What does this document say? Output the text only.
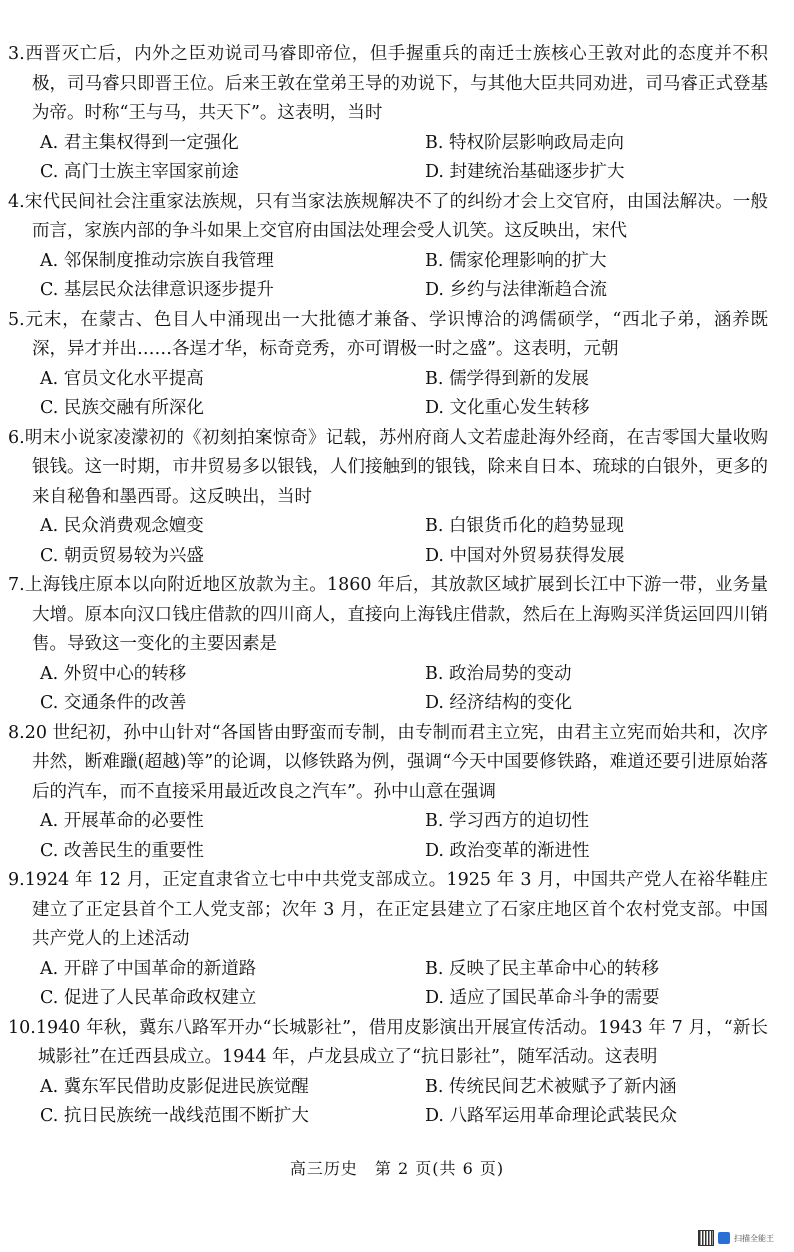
3.西晋灭亡后，内外之臣劝说司马睿即帝位，但手握重兵的南迁士族核心王敦对此的态度并不积极，司马睿只即晋王位。后来王敦在堂弟王导的劝说下，与其他大臣共同劝进，司马睿正式登基为帝。时称“王与马，共天下”。这表明，当时

A. 君主集权得到一定强化	B. 特权阶层影响政局走向
C. 高门士族主宰国家前途	D. 封建统治基础逐步扩大

4.宋代民间社会注重家法族规，只有当家法族规解决不了的纠纷才会上交官府，由国法解决。一般而言，家族内部的争斗如果上交官府由国法处理会受人讥笑。这反映出，宋代

A. 邻保制度推动宗族自我管理	B. 儒家伦理影响的扩大
C. 基层民众法律意识逐步提升	D. 乡约与法律渐趋合流

5.元末，在蒙古、色目人中涌现出一大批德才兼备、学识博洽的鸿儒硕学，“西北子弟，涵养既深，异才并出……各逞才华，标奇竞秀，亦可谓极一时之盛”。这表明，元朝

A. 官员文化水平提高	B. 儒学得到新的发展
C. 民族交融有所深化	D. 文化重心发生转移

6.明末小说家凌濛初的《初刻拍案惊奇》记载，苏州府商人文若虚赴海外经商，在吉零国大量收购银钱。这一时期，市井贸易多以银钱，人们接触到的银钱，除来自日本、琉球的白银外，更多的来自秘鲁和墨西哥。这反映出，当时

A. 民众消费观念嬗变	B. 白银货币化的趋势显现
C. 朝贡贸易较为兴盛	D. 中国对外贸易获得发展

7.上海钱庄原本以向附近地区放款为主。1860 年后，其放款区域扩展到长江中下游一带，业务量大增。原本向汉口钱庄借款的四川商人，直接向上海钱庄借款，然后在上海购买洋货运回四川销售。导致这一变化的主要因素是

A. 外贸中心的转移	B. 政治局势的变动
C. 交通条件的改善	D. 经济结构的变化

8.20 世纪初，孙中山针对“各国皆由野蛮而专制，由专制而君主立宪，由君主立宪而始共和，次序井然，断难躐(超越)等”的论调，以修铁路为例，强调“今天中国要修铁路，难道还要引进原始落后的汽车，而不直接采用最近改良之汽车”。孙中山意在强调

A. 开展革命的必要性	B. 学习西方的迫切性
C. 改善民生的重要性	D. 政治变革的渐进性

9.1924 年 12 月，正定直隶省立七中中共党支部成立。1925 年 3 月，中国共产党人在裕华鞋庄建立了正定县首个工人党支部；次年 3 月，在正定县建立了石家庄地区首个农村党支部。中国共产党人的上述活动

A. 开辟了中国革命的新道路	B. 反映了民主革命中心的转移
C. 促进了人民革命政权建立	D. 适应了国民革命斗争的需要

10.1940 年秋，冀东八路军开办“长城影社”，借用皮影演出开展宣传活动。1943 年 7 月，“新长城影社”在迁西县成立。1944 年，卢龙县成立了“抗日影社”，随军活动。这表明

A. 冀东军民借助皮影促进民族觉醒	B. 传统民间艺术被赋予了新内涵
C. 抗日民族统一战线范围不断扩大	D. 八路军运用革命理论武装民众
高三历史　第 2 页(共 6 页)
扫描全能王
